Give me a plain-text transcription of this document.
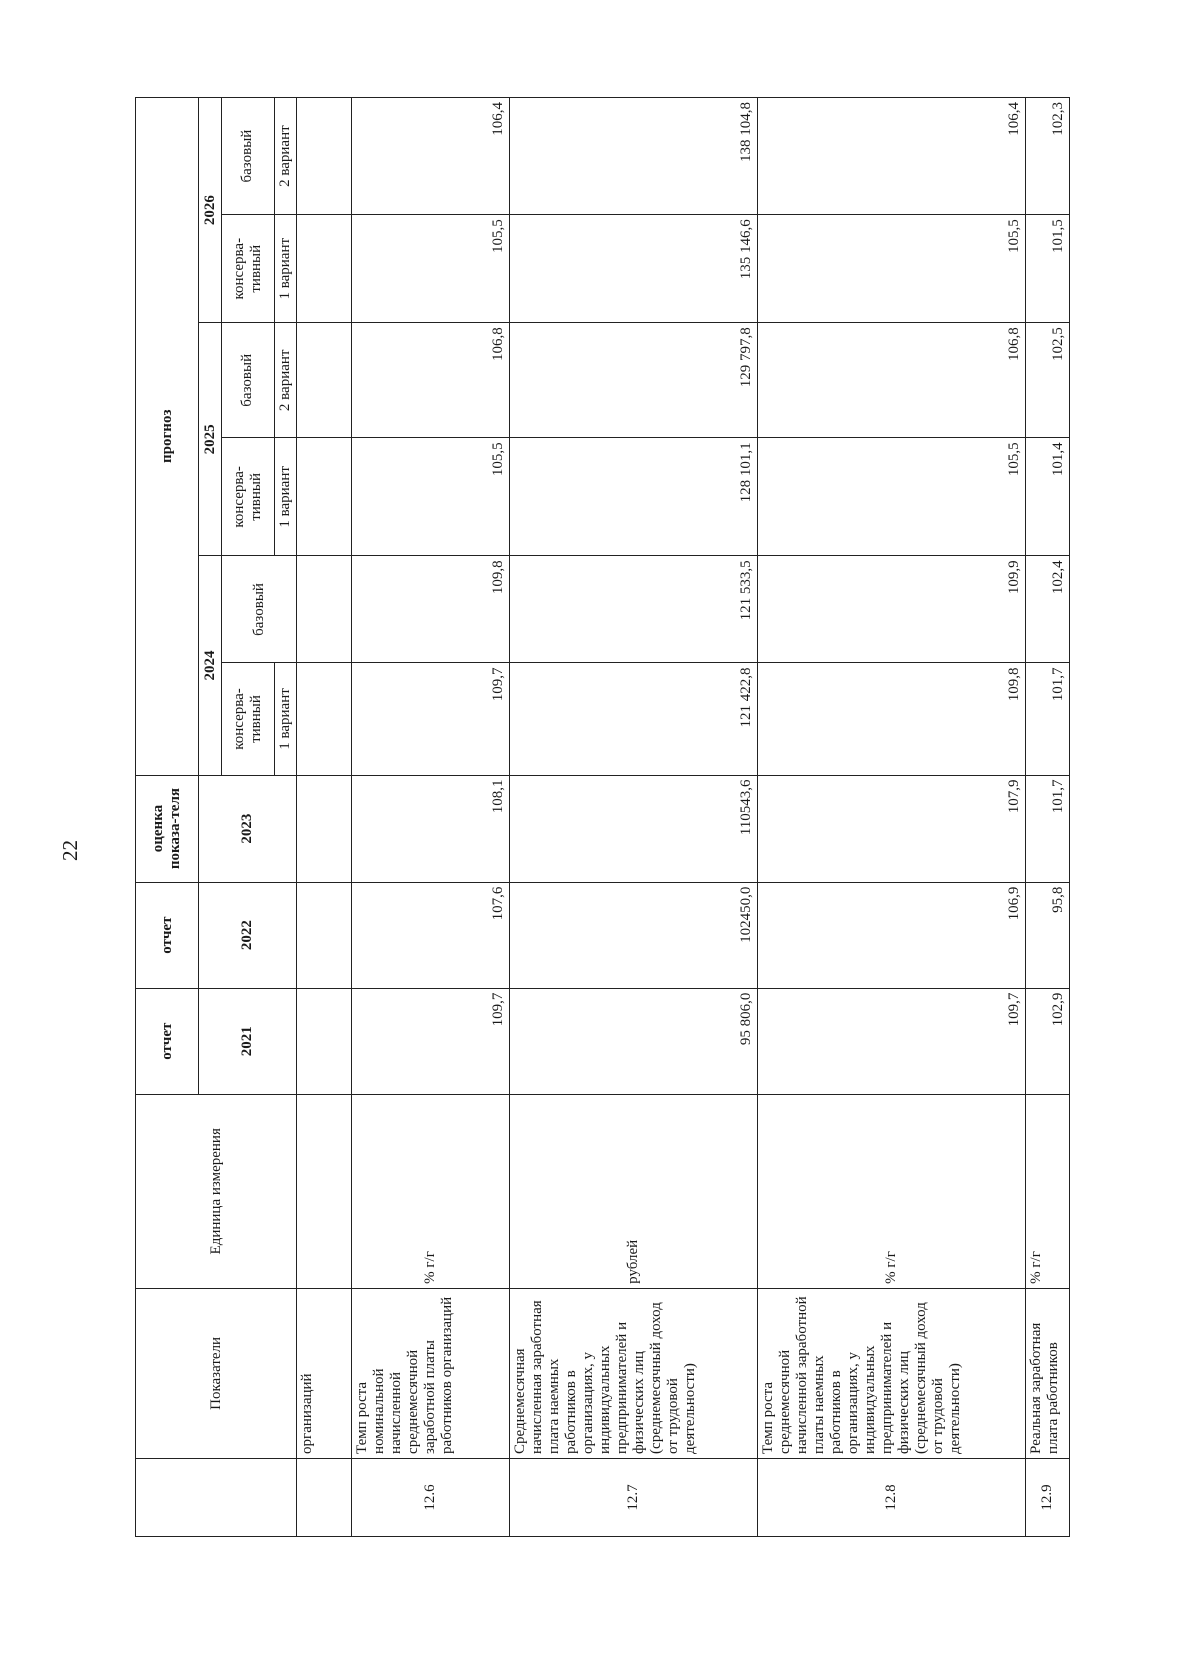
22
	Показатели	Единица измерения	отчет	отчет	оценка показа-теля	прогноз					
			2021	2022	2023	2024		2025		2026	
						консерва-тивный	базовый	консерва-тивный	базовый	консерва-тивный	базовый
						1 вариант		1 вариант	2 вариант	1 вариант	2 вариант
	организаций										
12.6	Темп роста номинальной начисленной среднемесячной заработной платы работников организаций	% г/г	109,7	107,6	108,1	109,7	109,8	105,5	106,8	105,5	106,4
12.7	Среднемесячная начисленная заработная плата наемных работников в организациях, у индивидуальных предпринимателей и физических лиц (среднемесячный доход от трудовой деятельности)	рублей	95 806,0	102450,0	110543,6	121 422,8	121 533,5	128 101,1	129 797,8	135 146,6	138 104,8
12.8	Темп роста среднемесячной начисленной заработной платы наемных работников в организациях, у индивидуальных предпринимателей и физических лиц (среднемесячный доход от трудовой деятельности)	% г/г	109,7	106,9	107,9	109,8	109,9	105,5	106,8	105,5	106,4
12.9	Реальная заработная плата работников	% г/г	102,9	95,8	101,7	101,7	102,4	101,4	102,5	101,5	102,3
